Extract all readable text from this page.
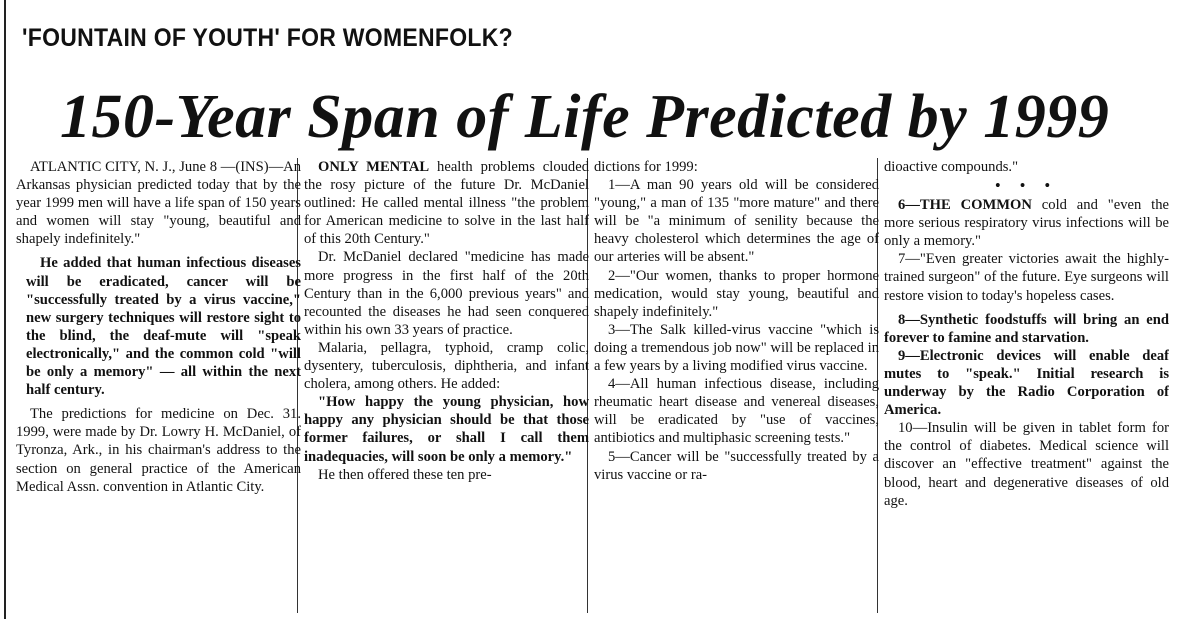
'FOUNTAIN OF YOUTH' FOR WOMENFOLK?
150-Year Span of Life Predicted by 1999

ATLANTIC CITY, N. J., June 8 —(INS)—An Arkansas physician predicted today that by the year 1999 men will have a life span of 150 years and women will stay "young, beautiful and shapely indefinitely."

He added that human infectious diseases will be eradicated, cancer will be "successfully treated by a virus vaccine," new surgery techniques will restore sight to the blind, the deaf-mute will "speak electronically," and the common cold "will be only a memory" — all within the next half century.

The predictions for medicine on Dec. 31. 1999, were made by Dr. Lowry H. McDaniel, of Tyronza, Ark., in his chairman's address to the section on general practice of the American Medical Assn. convention in Atlantic City.

ONLY MENTAL health problems clouded the rosy picture of the future Dr. McDaniel outlined: He called mental illness "the problem for American medicine to solve in the last half of this 20th Century."

Dr. McDaniel declared "medicine has made more progress in the first half of the 20th Century than in the 6,000 previous years" and recounted the diseases he had seen conquered within his own 33 years of practice.

Malaria, pellagra, typhoid, cramp colic, dysentery, tuberculosis, diphtheria, and infant cholera, among others. He added:

"How happy the young physician, how happy any physician should be that those former failures, or shall I call them inadequacies, will soon be only a memory."

He then offered these ten pre-

dictions for 1999:

1—A man 90 years old will be considered "young," a man of 135 "more mature" and there will be "a minimum of senility because the heavy cholesterol which determines the age of our arteries will be absent."

2—"Our women, thanks to proper hormone medication, would stay young, beautiful and shapely indefinitely."

3—The Salk killed-virus vaccine "which is doing a tremendous job now" will be replaced in a few years by a living modified virus vaccine.

4—All human infectious disease, including rheumatic heart disease and venereal diseases, will be eradicated by "use of vaccines, antibiotics and multiphasic screening tests."

5—Cancer will be "successfully treated by a virus vaccine or ra-

dioactive compounds."

• • •

6—THE COMMON cold and "even the more serious respiratory virus infections will be only a memory."

7—"Even greater victories await the highly-trained surgeon" of the future. Eye surgeons will restore vision to today's hopeless cases.

8—Synthetic foodstuffs will bring an end forever to famine and starvation.

9—Electronic devices will enable deaf mutes to "speak." Initial research is underway by the Radio Corporation of America.

10—Insulin will be given in tablet form for the control of diabetes. Medical science will discover an "effective treatment" against the blood, heart and degenerative diseases of old age.
